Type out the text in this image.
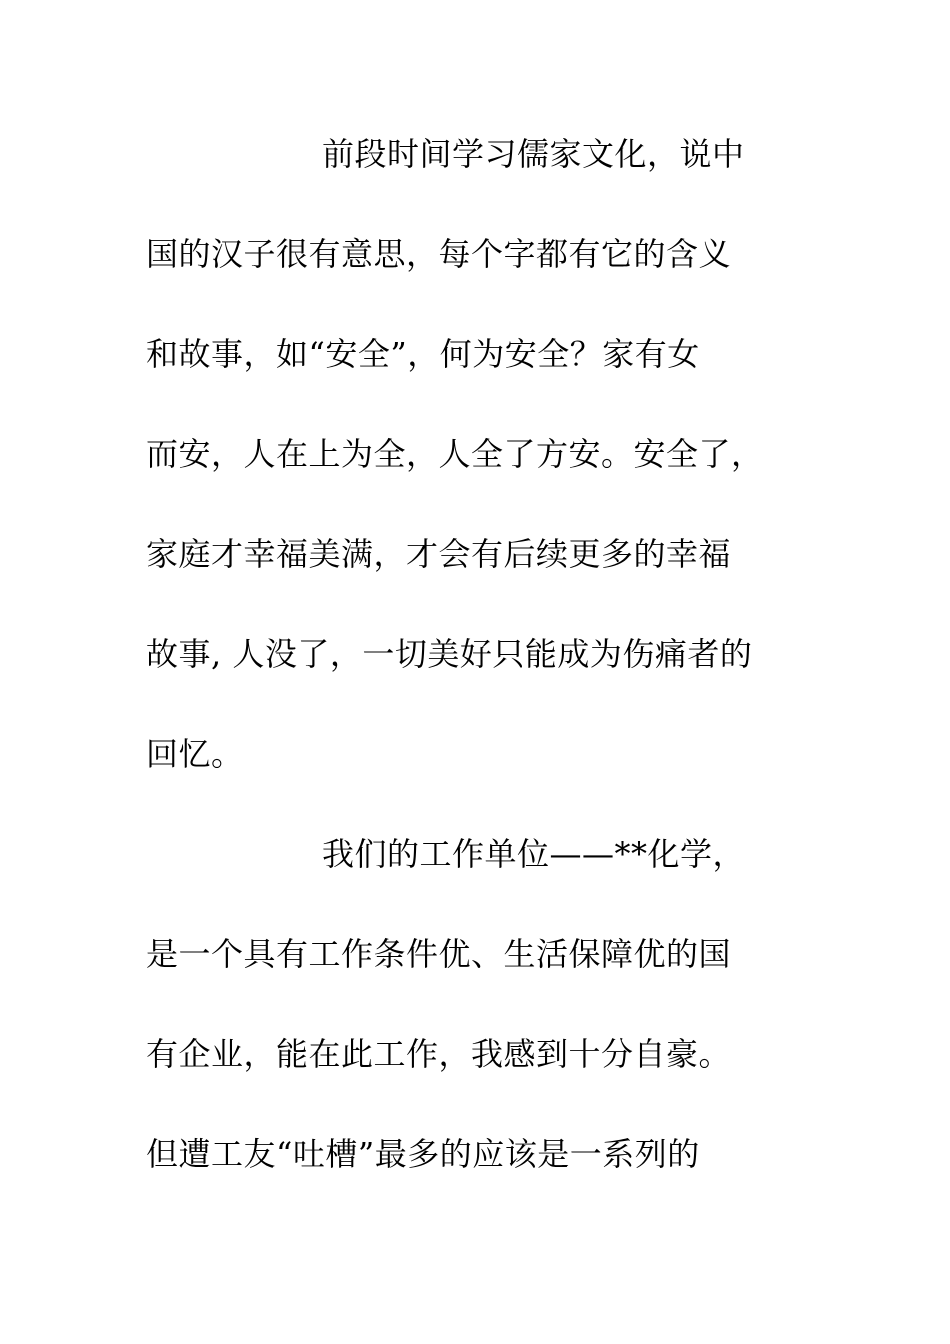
前段时间学习儒家文化，说中
国的汉子很有意思，每个字都有它的含义
和故事，如“安全”，何为安全？家有女
而安，人在上为全，人全了方安。安全了，
家庭才幸福美满，才会有后续更多的幸福
故事, 人没了，一切美好只能成为伤痛者的
回忆。
我们的工作单位——**化学，
是一个具有工作条件优、生活保障优的国
有企业，能在此工作，我感到十分自豪。
但遭工友“吐槽”最多的应该是一系列的
